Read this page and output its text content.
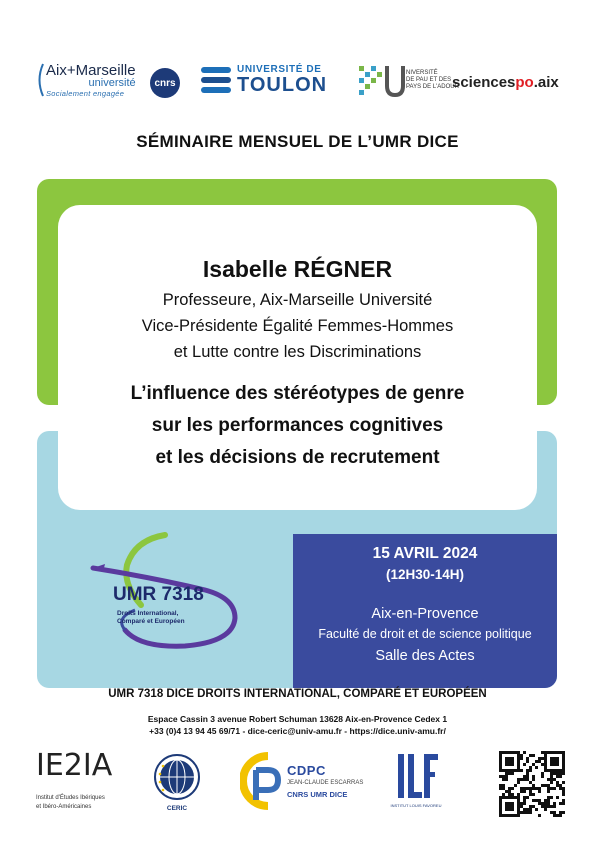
Aix+Marseille
université
Socialement engagée
cnrs
UNIVERSITÉ DE
TOULON
NIVERSITÉ
DE PAU ET DES
PAYS DE L'ADOUR
sciencespo.aix
SÉMINAIRE MENSUEL DE L’UMR DICE
Isabelle RÉGNER
Professeure, Aix-Marseille Université
Vice-Présidente Égalité Femmes-Hommes
et Lutte contre les Discriminations
L’influence des stéréotypes de genre
sur les performances cognitives
et les décisions de recrutement
UMR 7318
Droits International,
Comparé et Européen
15 AVRIL 2024
(12H30-14H)
Aix-en-Provence
Faculté de droit et de science politique
Salle des Actes
UMR 7318 DICE DROITS INTERNATIONAL, COMPARÉ ET EUROPÉEN
Espace Cassin 3 avenue Robert Schuman 13628 Aix-en-Provence Cedex 1
+33 (0)4 13 94 45 69/71 - dice-ceric@univ-amu.fr - https://dice.univ-amu.fr/
IE2IA
Institut d'Études Ibériques
et Ibéro-Américaines	CERIC
CDPC
JEAN-CLAUDE ESCARRAS
CNRS UMR DICE
INSTITUT LOUIS FAVOREU
